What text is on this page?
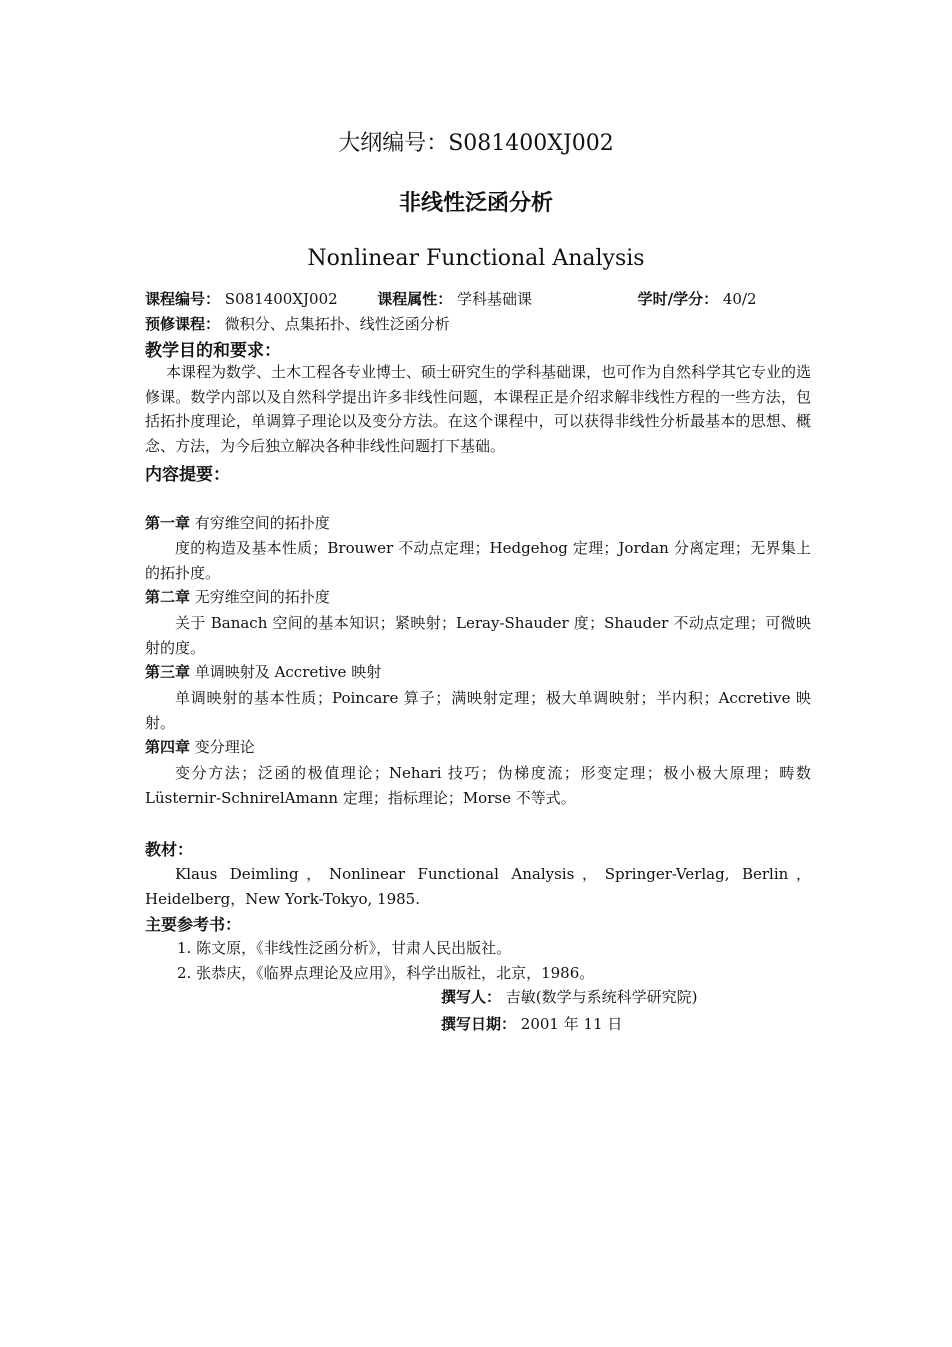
大纲编号：S081400XJ002
非线性泛函分析
Nonlinear Functional Analysis
课程编号： S081400XJ002	课程属性： 学科基础课	学时/学分： 40/2
预修课程： 微积分、点集拓扑、线性泛函分析
教学目的和要求：
本课程为数学、土木工程各专业博士、硕士研究生的学科基础课，也可作为自然科学其它专业的选修课。数学内部以及自然科学提出许多非线性问题，本课程正是介绍求解非线性方程的一些方法，包括拓扑度理论，单调算子理论以及变分方法。在这个课程中，可以获得非线性分析最基本的思想、概念、方法，为今后独立解决各种非线性问题打下基础。
内容提要：
第一章 有穷维空间的拓扑度
度的构造及基本性质；Brouwer 不动点定理；Hedgehog 定理；Jordan 分离定理；无界集上的拓扑度。
第二章 无穷维空间的拓扑度
关于 Banach 空间的基本知识；紧映射；Leray-Shauder 度；Shauder 不动点定理；可微映射的度。
第三章 单调映射及 Accretive 映射
单调映射的基本性质；Poincare 算子；满映射定理；极大单调映射；半内积；Accretive 映射。
第四章 变分理论
变分方法；泛函的极值理论；Nehari 技巧；伪梯度流；形变定理；极小极大原理；畴数 Lüsternir-SchnirelAmann 定理；指标理论；Morse 不等式。
教材：
Klaus Deimling，Nonlinear Functional Analysis，Springer-Verlag, Berlin，Heidelberg，New York-Tokyo, 1985.
主要参考书：
1. 陈文原，《非线性泛函分析》，甘肃人民出版社。
2. 张恭庆，《临界点理论及应用》，科学出版社，北京，1986。
撰写人： 吉敏(数学与系统科学研究院)
撰写日期： 2001 年 11 日
